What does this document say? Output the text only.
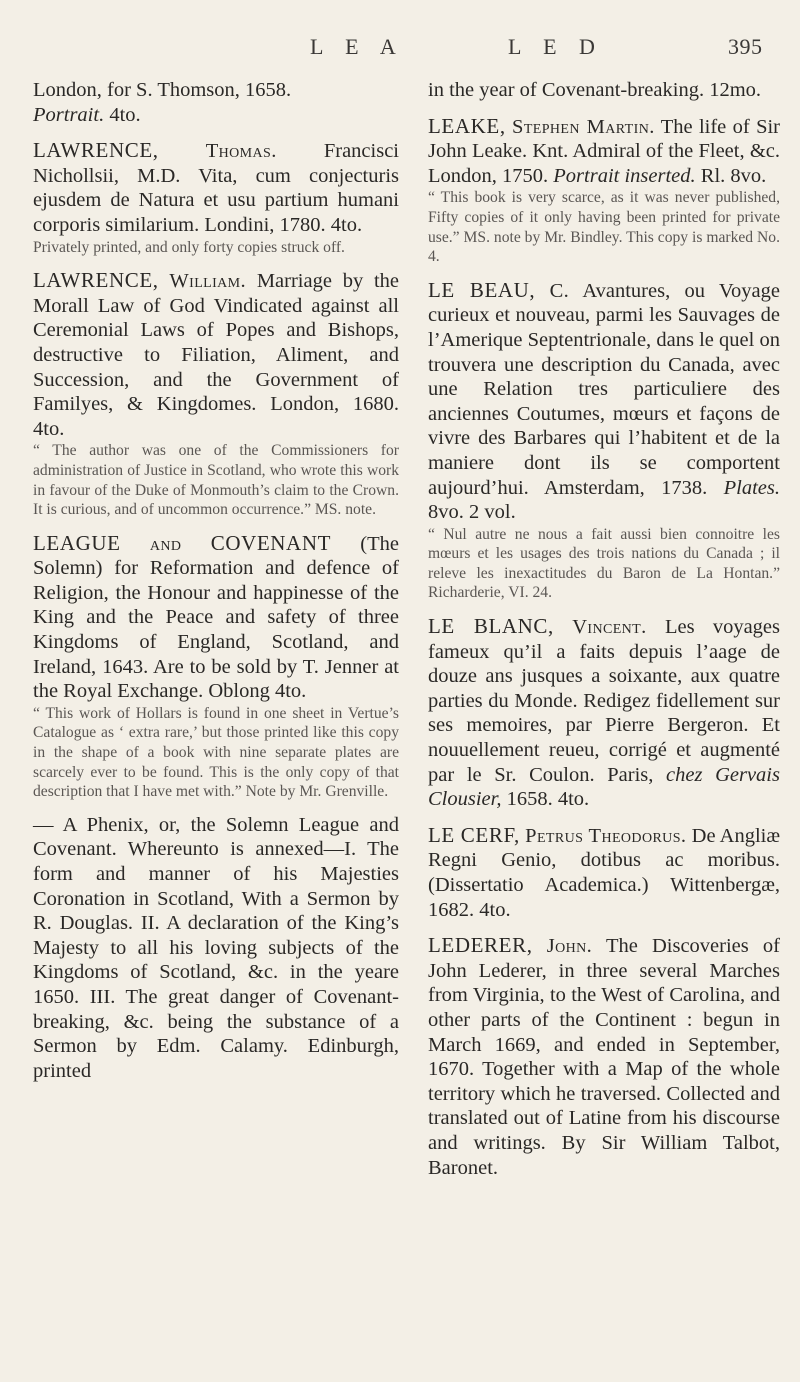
L E A	L E D	395

London, for S. Thomson, 1658.
Portrait. 4to.

LAWRENCE, Thomas. Francisci Nichollsii, M.D. Vita, cum conjecturis ejusdem de Natura et usu partium humani corporis similarium. Londini, 1780. 4to.

Privately printed, and only forty copies struck off.

LAWRENCE, William. Marriage by the Morall Law of God Vindicated against all Ceremonial Laws of Popes and Bishops, destructive to Filiation, Aliment, and Succession, and the Government of Familyes, & Kingdomes. London, 1680. 4to.

“ The author was one of the Commissioners for administration of Justice in Scotland, who wrote this work in favour of the Duke of Monmouth’s claim to the Crown. It is curious, and of uncommon occurrence.” MS. note.

LEAGUE and COVENANT (The Solemn) for Reformation and defence of Religion, the Honour and happinesse of the King and the Peace and safety of three Kingdoms of England, Scotland, and Ireland, 1643. Are to be sold by T. Jenner at the Royal Exchange. Oblong 4to.

“ This work of Hollars is found in one sheet in Vertue’s Catalogue as ‘ extra rare,’ but those printed like this copy in the shape of a book with nine separate plates are scarcely ever to be found. This is the only copy of that description that I have met with.” Note by Mr. Grenville.

— A Phenix, or, the Solemn League and Covenant. Whereunto is annexed—I. The form and manner of his Majesties Coronation in Scotland, With a Sermon by R. Douglas. II. A declaration of the King’s Majesty to all his loving subjects of the Kingdoms of Scotland, &c. in the yeare 1650. III. The great danger of Covenant-breaking, &c. being the substance of a Sermon by Edm. Calamy. Edinburgh, printed

in the year of Covenant-breaking. 12mo.

LEAKE, Stephen Martin. The life of Sir John Leake. Knt. Admiral of the Fleet, &c. London, 1750. Portrait inserted. Rl. 8vo.

“ This book is very scarce, as it was never published, Fifty copies of it only having been printed for private use.” MS. note by Mr. Bindley. This copy is marked No. 4.

LE BEAU, C. Avantures, ou Voyage curieux et nouveau, parmi les Sauvages de l’Amerique Septentrionale, dans le quel on trouvera une description du Canada, avec une Relation tres particuliere des anciennes Coutumes, mœurs et façons de vivre des Barbares qui l’habitent et de la maniere dont ils se comportent aujourd’hui. Amsterdam, 1738. Plates. 8vo. 2 vol.

“ Nul autre ne nous a fait aussi bien connoitre les mœurs et les usages des trois nations du Canada ; il releve les inexactitudes du Baron de La Hontan.” Richarderie, VI. 24.

LE BLANC, Vincent. Les voyages fameux qu’il a faits depuis l’aage de douze ans jusques a soixante, aux quatre parties du Monde. Redigez fidellement sur ses memoires, par Pierre Bergeron. Et nouuellement reueu, corrigé et augmenté par le Sr. Coulon. Paris, chez Gervais Clousier, 1658. 4to.

LE CERF, Petrus Theodorus. De Angliæ Regni Genio, dotibus ac moribus. (Dissertatio Academica.) Wittenbergæ, 1682. 4to.

LEDERER, John. The Discoveries of John Lederer, in three several Marches from Virginia, to the West of Carolina, and other parts of the Continent : begun in March 1669, and ended in September, 1670. Together with a Map of the whole territory which he traversed. Collected and translated out of Latine from his discourse and writings. By Sir William Talbot, Baronet.
